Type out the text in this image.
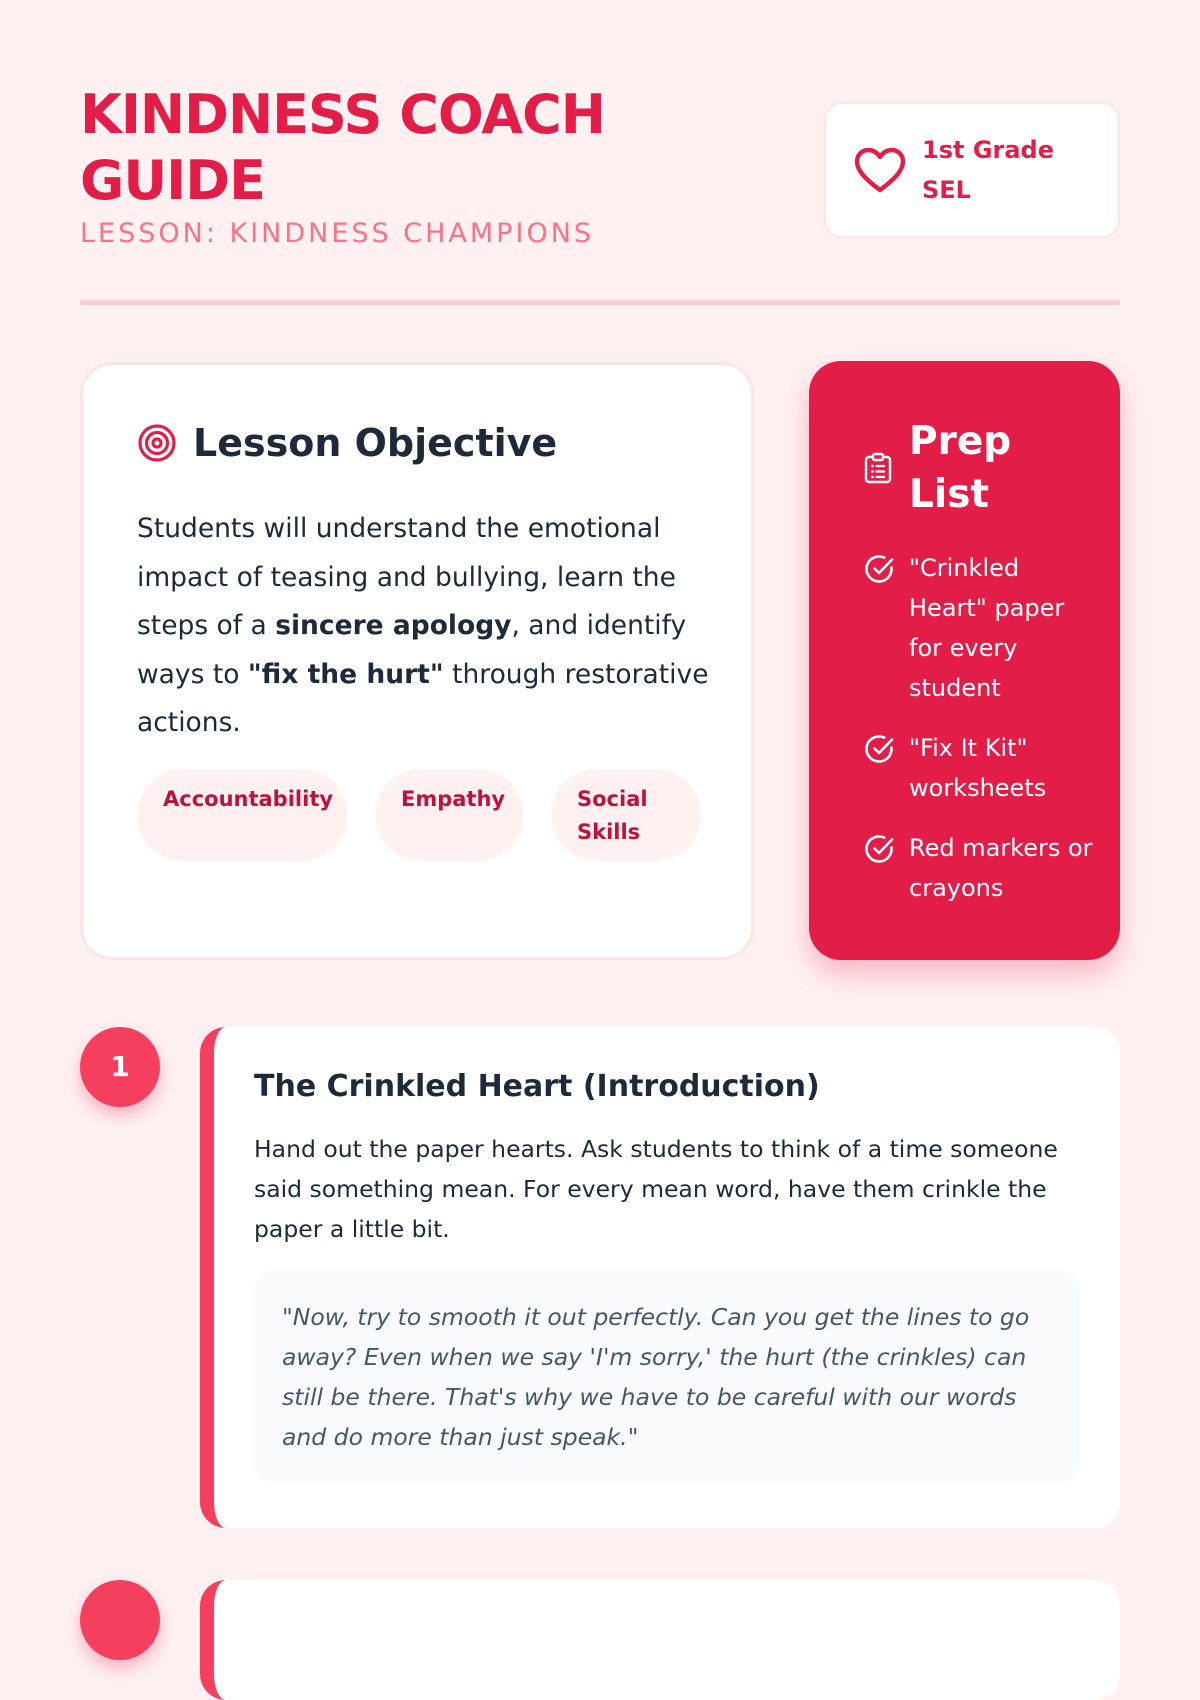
KINDNESS COACH GUIDE
LESSON: KINDNESS CHAMPIONS
1st Grade
SEL
Lesson Objective

Students will understand the emotional impact of teasing and bullying, learn the steps of a sincere apology, and identify ways to "fix the hurt" through restorative actions.

Accountability	Empathy	Social Skills
Prep List
"Crinkled Heart" paper for every student
"Fix It Kit" worksheets
Red markers or crayons
1
The Crinkled Heart (Introduction)

Hand out the paper hearts. Ask students to think of a time someone said something mean. For every mean word, have them crinkle the paper a little bit.

"Now, try to smooth it out perfectly. Can you get the lines to go away? Even when we say 'I'm sorry,' the hurt (the crinkles) can still be there. That's why we have to be careful with our words and do more than just speak."
